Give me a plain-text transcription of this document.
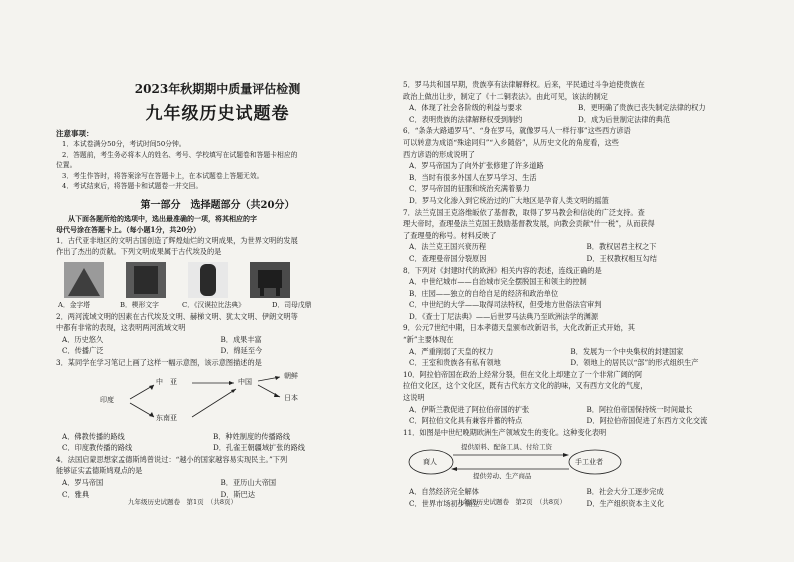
2023年秋期期中质量评估检测
九年级历史试题卷
注意事项：
1．本试卷满分50分，考试时间50分钟。
2．答题前，考生务必将本人的姓名、考号、学校填写在试题卷和答题卡相应的
位置。
3．考生作答时，将答案涂写在答题卡上，在本试题卷上答题无效。
4．考试结束后，将答题卡和试题卷一并交回。
第一部分　选择题部分（共20分）
从下面各题所给的选项中，选出最准确的一项，将其相应的字
母代号涂在答题卡上。（每小题1分，共20分）
1．古代亚非地区的文明古国创造了辉煌灿烂的文明成果，为世界文明的发展
作出了杰出的贡献。下列文明成果属于古代埃及的是
A．金字塔	B．楔形文字	C．《汉谟拉比法典》	D．司母戊鼎
2．两河流域文明的因素在古代埃及文明、赫梯文明、犹太文明、伊朗文明等
中都有非常的表现，这表明两河流域文明
A．历史悠久	B．成果丰富
C．传播广泛	D．绵延至今
3．某同学在学习笔记上画了这样一幅示意图，该示意图描述的是
印度
中　亚	中国
朝鲜
日本
东南亚
A．佛教传播的路线	B．种姓制度的传播路线
C．印度教传播的路线	D．孔雀王朝疆域扩张的路线
4．法国启蒙思想家孟德斯鸠曾说过：“越小的国家越容易实现民主。”下列
能够证实孟德斯鸠观点的是
A．罗马帝国	B．亚历山大帝国
C．雅典	D．斯巴达
九年级历史试题卷　第1页　（共8页）
5．罗马共和国早期，贵族享有法律解释权。后来，平民通过斗争迫使贵族在
政治上做出让步，制定了《十二铜表法》。由此可见，该法的制定
A．体现了社会各阶级的利益与要求	B．更明确了贵族已丧失制定法律的权力
C．表明贵族的法律解释权受到制约	D．成为后世制定法律的典范
6．“条条大路通罗马”、“身在罗马，就像罗马人一样行事”这些西方谚语
可以转意为成语“殊途同归”“入乡随俗”，从历史文化的角度看，这些
西方谚语的形成说明了
A．罗马帝国为了向外扩张修建了许多道路
B．当时有很多外国人在罗马学习、生活
C．罗马帝国的征服和统治充满着暴力
D．罗马文化渗入到它统治过的广大地区是孕育人类文明的摇篮
7．法兰克国王克洛维皈依了基督教，取得了罗马教会和信徒的广泛支持。查
理大帝时，查理曼法兰克国王鼓励基督教发展，向教会贡献“什一税”，从而获得
了查理曼的称号。材料反映了
A．法兰克王国兴衰历程	B．教权居君主权之下
C．查理曼帝国分裂原因	D．王权教权相互勾结
8．下列对《封建时代的欧洲》相关内容的表述，连线正确的是
A．中世纪城市——自治城市完全摆脱国王和领主的控制
B．庄园——独立的自给自足的经济和政治单位
C．中世纪的大学——取得司法特权，但受地方世俗法官审判
D．《查士丁尼法典》——后世罗马法典乃至欧洲法学的渊源
9．公元7世纪中期，日本孝德天皇颁布改新诏书，大化改新正式开始，其
“新”主要体现在
A．严重削弱了天皇的权力	B．发展为一个中央集权的封建国家
C．王室和贵族各有私有领地	D．领地上的居民以“部”的形式组织生产
10．阿拉伯帝国在政治上经常分裂，但在文化上却建立了一个非常广阔的阿
拉伯文化区，这个文化区，既有古代东方文化的韵味，又有西方文化的气度，
这说明
A．伊斯兰教促进了阿拉伯帝国的扩张	B．阿拉伯帝国保持统一时间最长
C．阿拉伯文化具有兼容并蓄的特点	D．阿拉伯帝国促进了东西方文化交流
11．如图是中世纪晚期欧洲生产领域发生的变化。这种变化表明
商人	手工业者
提供原料、配备工具、付给工资
提供劳动、生产商品
A．自然经济完全解体	B．社会大分工逐步完成
C．世界市场初步确立	D．生产组织资本主义化
九年级历史试题卷　第2页　（共8页）
